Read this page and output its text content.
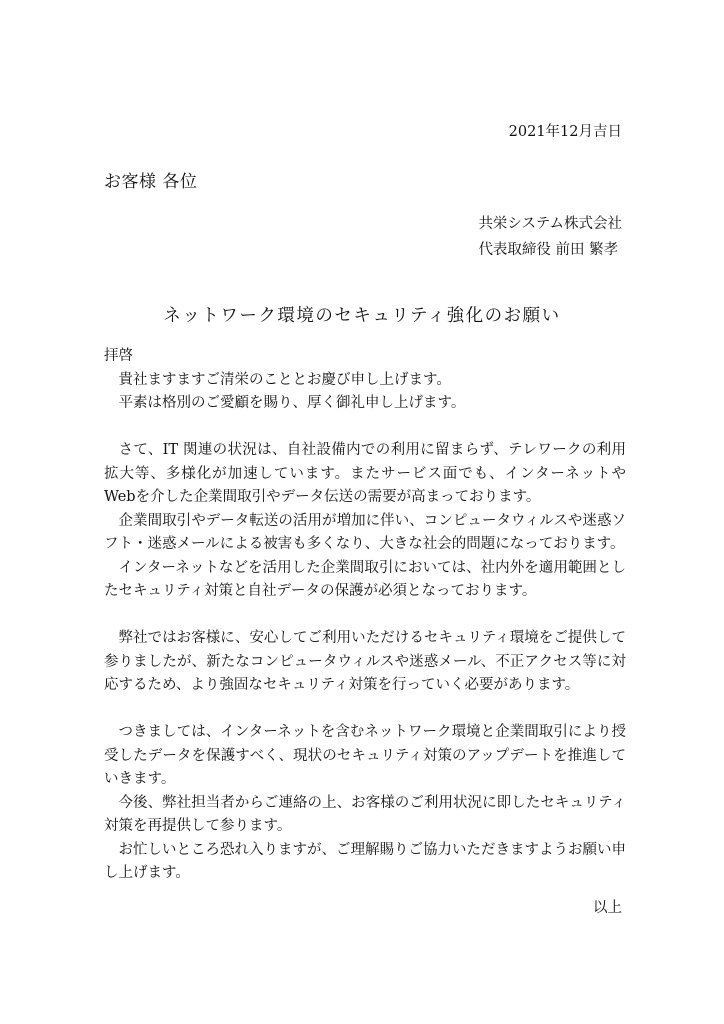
2021年12月吉日
お客様 各位
共栄システム株式会社
代表取締役 前田 繁孝
ネットワーク環境のセキュリティ強化のお願い

拝啓

貴社ますますご清栄のこととお慶び申し上げます。

平素は格別のご愛顧を賜り、厚く御礼申し上げます。

さて、IT 関連の状況は、自社設備内での利用に留まらず、テレワークの利用拡大等、多様化が加速しています。またサービス面でも、インターネットやWebを介した企業間取引やデータ伝送の需要が高まっております。

企業間取引やデータ転送の活用が増加に伴い、コンピュータウィルスや迷惑ソフト・迷惑メールによる被害も多くなり、大きな社会的問題になっております。

インターネットなどを活用した企業間取引においては、社内外を適用範囲としたセキュリティ対策と自社データの保護が必須となっております。

弊社ではお客様に、安心してご利用いただけるセキュリティ環境をご提供して参りましたが、新たなコンピュータウィルスや迷惑メール、不正アクセス等に対応するため、より強固なセキュリティ対策を行っていく必要があります。

つきましては、インターネットを含むネットワーク環境と企業間取引により授受したデータを保護すべく、現状のセキュリティ対策のアップデートを推進していきます。

今後、弊社担当者からご連絡の上、お客様のご利用状況に即したセキュリティ対策を再提供して参ります。

お忙しいところ恐れ入りますが、ご理解賜りご協力いただきますようお願い申し上げます。

以上
